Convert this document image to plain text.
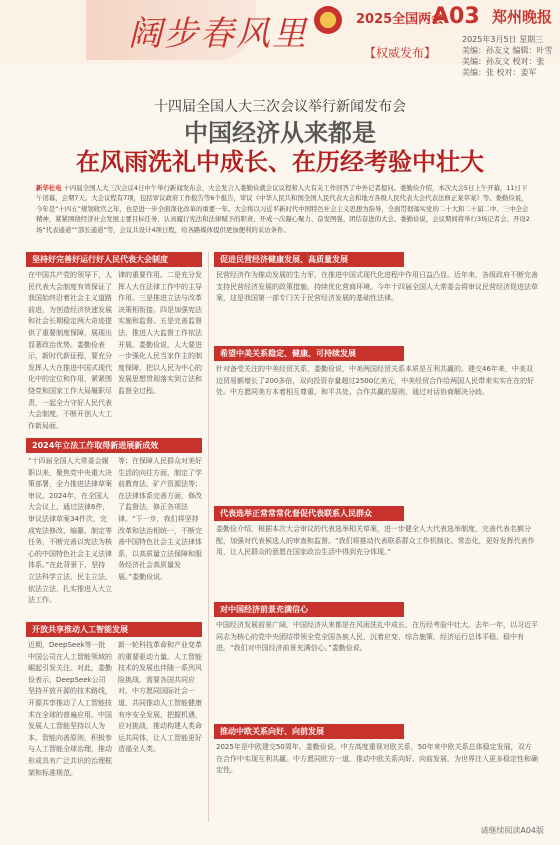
阔步春风里	2025全国两会
【权威发布】
A03 郑州晚报
2025年3月5日 星期三
美编：孙友文 编辑：叶雪
美编：孙友文 校对：张
美编：张 校对：姜军
十四届全国人大三次会议举行新闻发布会
中国经济从来都是
在风雨洗礼中成长、在历经考验中壮大
新华社电 十四届全国人大三次会议4日中午举行新闻发布会，大会发言人娄勤俭就会议议程和人大有关工作回答了中外记者提问。娄勤俭介绍，本次大会5日上午开幕，11日下午闭幕，会期7天。大会议程有7项，包括审议政府工作报告等6个报告，审议《中华人民共和国全国人民代表大会和地方各级人民代表大会代表法修正案草案》等。娄勤俭说，今年是“十四五”规划收官之年，也是进一步全面深化改革的重要一年。大会将以习近平新时代中国特色社会主义思想为指导，全面贯彻落实党的二十大和二十届二中、三中全会精神，紧紧围绕经济社会发展主要目标任务，认真履行宪法和法律赋予的职责，开成一次凝心聚力、奋发图强、团结奋进的大会。娄勤俭说，会议期间将举行3场记者会、开设2场“代表通道”“部长通道”等，会议共设计4项日程，给各路媒体提供更加便利的采访条件。
坚持好完善好运行好人民代表大会制度
在中国共产党的领导下，人民代表大会制度有效保证了我国始终沿着社会主义道路前进，为创造经济快速发展和社会长期稳定两大奇迹提供了重要制度保障，展现出显著政治优势。娄勤俭表示，新时代新征程，要充分发挥人大在推进中国式现代化中的定位和作用，紧紧围绕党和国家工作大局履职尽责，一起全力守好人民代表大会制度，不断开创人大工作新局面。
律的重要作用。二是充分发挥人大在法律工作中的主导作用。三是推进立法与改革决策相衔接。四是加强宪法实施和监督。五是完善监督法，推进人大监督工作依法开展。娄勤俭说，人大要进一步强化人民当家作主的制度保障，把以人民为中心的发展思想贯彻落实到立法和监督全过程。
2024年立法工作取得新进展新成效
“十四届全国人大常委会履职以来，聚焦党中央重大决策部署，全力推进法律草案审议。2024年，在全国人大会议上，通过法律6件，审议法律草案34件次，完成宪法修改、编纂、制定等任务，不断完善以宪法为核心的中国特色社会主义法律体系。”在此背景下，坚持立法科学立法、民主立法、依法立法，扎实推进人大立法工作。
等；在保障人民群众对美好生活的向往方面，制定了学前教育法、矿产资源法等；在法律体系完善方面，修改了监督法，修正各项法律。“下一步，我们将坚持改革和法治相统一，不断完善中国特色社会主义法律体系，以高质量立法保障和服务经济社会高质量发展。”娄勤俭说。
开放共享推动人工智能发展
近期，DeepSeek等一批中国公司在人工智能领域的崛起引发关注。对此，娄勤俭表示，DeepSeek公司坚持开放开源的技术路线，开源共享推动了人工智能技术在全球的普遍应用。中国发展人工智能坚持以人为本、智能向善原则，积极参与人工智能全球治理，推动形成具有广泛共识的治理框架和标准规范。
新一轮科技革命和产业变革的重要驱动力量。人工智能技术的发展也伴随一系列风险挑战，需要各国共同应对。中方愿同国际社会一道，共同推动人工智能健康有序安全发展，把握机遇，应对挑战，推动构建人类命运共同体，让人工智能更好造福全人类。
促进民营经济健康发展、高质量发展
民营经济作为推动发展的生力军，在推进中国式现代化进程中作用日益凸显。近年来，各级政府不断完善支持民营经济发展的政策措施，持续优化营商环境。今年十四届全国人大常委会将审议民营经济促进法草案，这是我国第一部专门关于民营经济发展的基础性法律。
希望中美关系稳定、健康、可持续发展
针对备受关注的中美经贸关系，娄勤俭说，中美两国经贸关系本质是互利共赢的。建交46年来，中美双边贸易额增长了200多倍，双向投资存量超过2500亿美元，中美经贸合作给两国人民带来实实在在的好处。中方愿同美方本着相互尊重、和平共处、合作共赢的原则，通过对话协商解决分歧。
代表选举正常常常化督促代表联系人民群众
娄勤俭介绍，根据本次大会审议的代表选举相关草案，进一步健全人大代表选举制度，完善代表名额分配，加强对代表候选人的审查和监督。“我们将推动代表联系群众工作机制化、常态化，更好发挥代表作用，让人民群众的意愿在国家政治生活中得到充分体现。”
对中国经济前景充满信心
中国经济发展前景广阔，中国经济从来都是在风雨洗礼中成长、在历经考验中壮大。去年一年，以习近平同志为核心的党中央团结带领全党全国各族人民，沉着应变、综合施策，经济运行总体平稳、稳中有进。“我们对中国经济前景充满信心。”娄勤俭说。
推动中欧关系向好、向前发展
2025年是中欧建交50周年。娄勤俭说，中方高度重视对欧关系，50年来中欧关系总体稳定发展，双方在合作中实现互利共赢。中方愿同欧方一道，推动中欧关系向好、向前发展，为世界注入更多稳定性和确定性。
请继续阅读A04版
